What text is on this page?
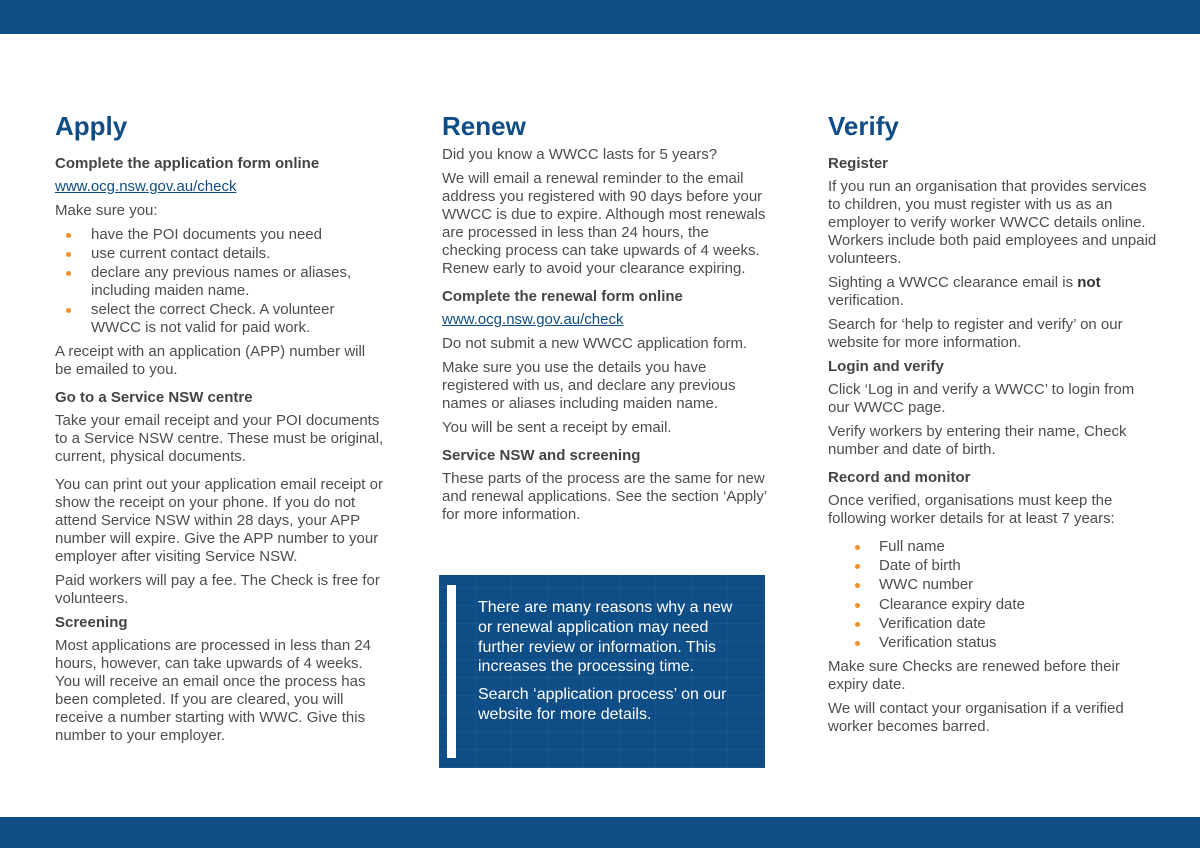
Apply
Complete the application form online

www.ocg.nsw.gov.au/check

Make sure you:

have the POI documents you need
use current contact details.
declare any previous names or aliases, including maiden name.
select the correct Check. A volunteer WWCC is not valid for paid work.

A receipt with an application (APP) number will be emailed to you.

Go to a Service NSW centre

Take your email receipt and your POI documents to a Service NSW centre. These must be original, current, physical documents.

You can print out your application email receipt or show the receipt on your phone. If you do not attend Service NSW within 28 days, your APP number will expire. Give the APP number to your employer after visiting Service NSW.

Paid workers will pay a fee. The Check is free for volunteers.

Screening

Most applications are processed in less than 24 hours, however, can take upwards of 4 weeks. You will receive an email once the process has been completed. If you are cleared, you will receive a number starting with WWC. Give this number to your employer.

Renew

Did you know a WWCC lasts for 5 years?

We will email a renewal reminder to the email address you registered with 90 days before your WWCC is due to expire. Although most renewals are processed in less than 24 hours, the checking process can take upwards of 4 weeks. Renew early to avoid your clearance expiring.

Complete the renewal form online

www.ocg.nsw.gov.au/check

Do not submit a new WWCC application form.

Make sure you use the details you have registered with us, and declare any previous names or aliases including maiden name.

You will be sent a receipt by email.

Service NSW and screening

These parts of the process are the same for new and renewal applications. See the section ‘Apply’ for more information.

There are many reasons why a new or renewal application may need further review or information. This increases the processing time.

Search ‘application process’ on our website for more details.

Verify
Register

If you run an organisation that provides services to children, you must register with us as an employer to verify worker WWCC details online. Workers include both paid employees and unpaid volunteers.

Sighting a WWCC clearance email is not verification.

Search for ‘help to register and verify’ on our website for more information.

Login and verify

Click ‘Log in and verify a WWCC’ to login from our WWCC page.

Verify workers by entering their name, Check number and date of birth.

Record and monitor

Once verified, organisations must keep the following worker details for at least 7 years:

Full name
Date of birth
WWC number
Clearance expiry date
Verification date
Verification status

Make sure Checks are renewed before their expiry date.

We will contact your organisation if a verified worker becomes barred.
